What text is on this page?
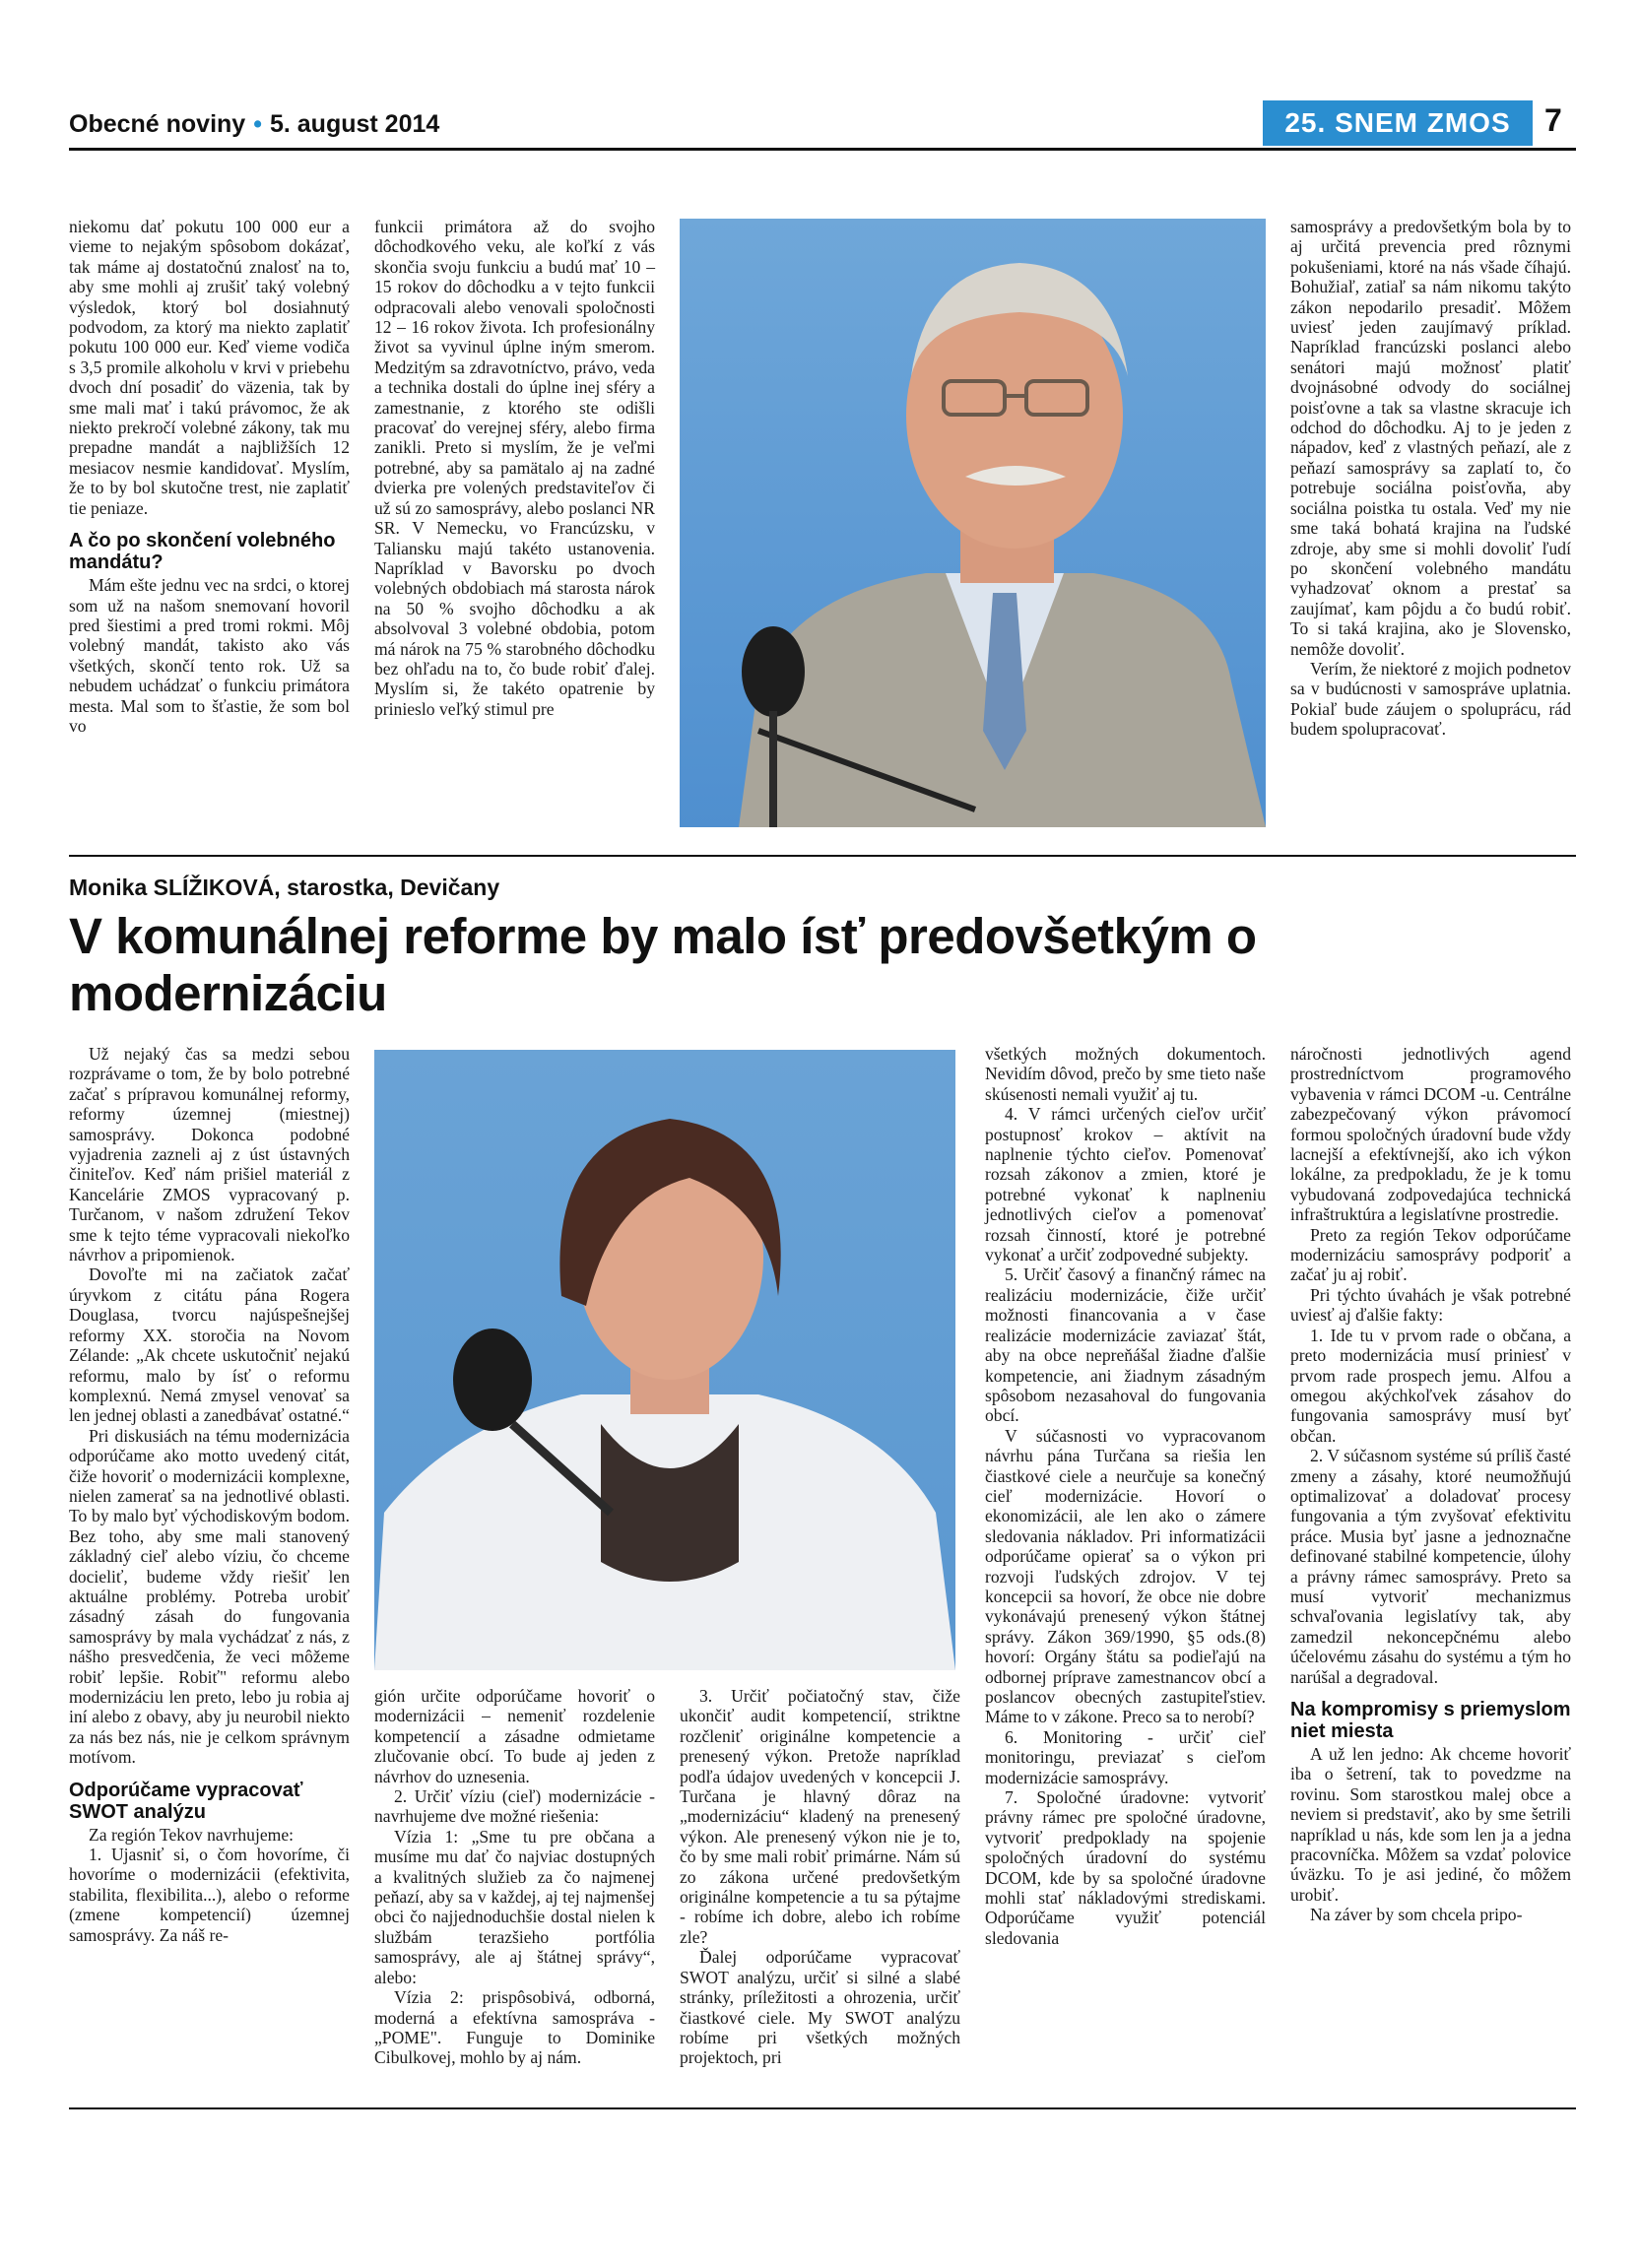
Obecné noviny • 5. august 2014	25. SNEM ZMOS	7

niekomu dať pokutu 100 000 eur a vieme to nejakým spôsobom dokázať, tak máme aj dostatočnú znalosť na to, aby sme mohli aj zrušiť taký volebný výsledok, ktorý bol dosiahnutý podvodom, za ktorý ma niekto zaplatiť pokutu 100 000 eur. Keď vieme vodiča s 3,5 promile alkoholu v krvi v priebehu dvoch dní posadiť do väzenia, tak by sme mali mať i takú právomoc, že ak niekto prekročí volebné zákony, tak mu prepadne mandát a najbližších 12 mesiacov nesmie kandidovať. Myslím, že to by bol skutočne trest, nie zaplatiť tie peniaze.

A čo po skončení volebného mandátu?

Mám ešte jednu vec na srdci, o ktorej som už na našom snemovaní hovoril pred šiestimi a pred tromi rokmi. Môj volebný mandát, takisto ako vás všetkých, skončí tento rok. Už sa nebudem uchádzať o funkciu primátora mesta. Mal som to šťastie, že som bol vo

funkcii primátora až do svojho dôchodkového veku, ale koľkí z vás skončia svoju funkciu a budú mať 10 – 15 rokov do dôchodku a v tejto funkcii odpracovali alebo venovali spoločnosti 12 – 16 rokov života. Ich profesionálny život sa vyvinul úplne iným smerom. Medzitým sa zdravotníctvo, právo, veda a technika dostali do úplne inej sféry a zamestnanie, z ktorého ste odišli pracovať do verejnej sféry, alebo firma zanikli. Preto si myslím, že je veľmi potrebné, aby sa pamätalo aj na zadné dvierka pre volených predstaviteľov či už sú zo samosprávy, alebo poslanci NR SR. V Nemecku, vo Francúzsku, v Taliansku majú takéto ustanovenia. Napríklad v Bavorsku po dvoch volebných obdobiach má starosta nárok na 50 % svojho dôchodku a ak absolvoval 3 volebné obdobia, potom má nárok na 75 % starobného dôchodku bez ohľadu na to, čo bude robiť ďalej. Myslím si, že takéto opatrenie by prinieslo veľký stimul pre

samosprávy a predovšetkým bola by to aj určitá prevencia pred rôznymi pokušeniami, ktoré na nás všade číhajú. Bohužiaľ, zatiaľ sa nám nikomu takýto zákon nepodarilo presadiť. Môžem uviesť jeden zaujímavý príklad. Napríklad francúzski poslanci alebo senátori majú možnosť platiť dvojnásobné odvody do sociálnej poisťovne a tak sa vlastne skracuje ich odchod do dôchodku. Aj to je jeden z nápadov, keď z vlastných peňazí, ale z peňazí samosprávy sa zaplatí to, čo potrebuje sociálna poisťovňa, aby sociálna poistka tu ostala. Veď my nie sme taká bohatá krajina na ľudské zdroje, aby sme si mohli dovoliť ľudí po skončení volebného mandátu vyhadzovať oknom a prestať sa zaujímať, kam pôjdu a čo budú robiť. To si taká krajina, ako je Slovensko, nemôže dovoliť.

Verím, že niektoré z mojich podnetov sa v budúcnosti v samospráve uplatnia. Pokiaľ bude záujem o spoluprácu, rád budem spolupracovať.

Monika SLÍŽIKOVÁ, starostka, Devičany
V komunálnej reforme by malo ísť predovšetkým o modernizáciu

Už nejaký čas sa medzi sebou rozprávame o tom, že by bolo potrebné začať s prípravou komunálnej reformy, reformy územnej (miestnej) samosprávy. Dokonca podobné vyjadrenia zazneli aj z úst ústavných činiteľov. Keď nám prišiel materiál z Kancelárie ZMOS vypracovaný p. Turčanom, v našom združení Tekov sme k tejto téme vypracovali niekoľko návrhov a pripomienok.

Dovoľte mi na začiatok začať úryvkom z citátu pána Rogera Douglasa, tvorcu najúspešnejšej reformy XX. storočia na Novom Zélande: „Ak chcete uskutočniť nejakú reformu, malo by ísť o reformu komplexnú. Nemá zmysel venovať sa len jednej oblasti a zanedbávať ostatné.“

Pri diskusiách na tému modernizácia odporúčame ako motto uvedený citát, čiže hovoriť o modernizácii komplexne, nielen zamerať sa na jednotlivé oblasti. To by malo byť východiskovým bodom. Bez toho, aby sme mali stanovený základný cieľ alebo víziu, čo chceme docieliť, budeme vždy riešiť len aktuálne problémy. Potreba urobiť zásadný zásah do fungovania samosprávy by mala vychádzať z nás, z nášho presvedčenia, že veci môžeme robiť lepšie. Robiť" reformu alebo modernizáciu len preto, lebo ju robia aj iní alebo z obavy, aby ju neurobil niekto za nás bez nás, nie je celkom správnym motívom.

Odporúčame vypracovať SWOT analýzu

Za región Tekov navrhujeme:

1. Ujasniť si, o čom hovoríme, či hovoríme o modernizácii (efektivita, stabilita, flexibilita...), alebo o reforme (zmene kompetencií) územnej samosprávy. Za náš re-

gión určite odporúčame hovoriť o modernizácii – nemeniť rozdelenie kompetencií a zásadne odmietame zlučovanie obcí. To bude aj jeden z návrhov do uznesenia.

2. Určiť víziu (cieľ) modernizácie - navrhujeme dve možné riešenia:

Vízia 1: „Sme tu pre občana a musíme mu dať čo najviac dostupných a kvalitných služieb za čo najmenej peňazí, aby sa v každej, aj tej najmenšej obci čo najjednoduchšie dostal nielen k službám terazšieho portfólia samosprávy, ale aj štátnej správy“, alebo:

Vízia 2: prispôsobivá, odborná, moderná a efektívna samospráva - „POME". Funguje to Dominike Cibulkovej, mohlo by aj nám.

3. Určiť počiatočný stav, čiže ukončiť audit kompetencií, striktne rozčleniť originálne kompetencie a prenesený výkon. Pretože napríklad podľa údajov uvedených v koncepcii J. Turčana je hlavný dôraz na „modernizáciu“ kladený na prenesený výkon. Ale prenesený výkon nie je to, čo by sme mali robiť primárne. Nám sú zo zákona určené predovšetkým originálne kompetencie a tu sa pýtajme - robíme ich dobre, alebo ich robíme zle?

Ďalej odporúčame vypracovať SWOT analýzu, určiť si silné a slabé stránky, príležitosti a ohrozenia, určiť čiastkové ciele. My SWOT analýzu robíme pri všetkých možných projektoch, pri

všetkých možných dokumentoch. Nevidím dôvod, prečo by sme tieto naše skúsenosti nemali využiť aj tu.

4. V rámci určených cieľov určiť postupnosť krokov – aktívit na naplnenie týchto cieľov. Pomenovať rozsah zákonov a zmien, ktoré je potrebné vykonať k naplneniu jednotlivých cieľov a pomenovať rozsah činností, ktoré je potrebné vykonať a určiť zodpovedné subjekty.

5. Určiť časový a finančný rámec na realizáciu modernizácie, čiže určiť možnosti financovania a v čase realizácie modernizácie zaviazať štát, aby na obce nepreňášal žiadne ďalšie kompetencie, ani žiadnym zásadným spôsobom nezasahoval do fungovania obcí.

V súčasnosti vo vypracovanom návrhu pána Turčana sa riešia len čiastkové ciele a neurčuje sa konečný cieľ modernizácie. Hovorí o ekonomizácii, ale len ako o zámere sledovania nákladov. Pri informatizácii odporúčame opierať sa o výkon pri rozvoji ľudských zdrojov. V tej koncepcii sa hovorí, že obce nie dobre vykonávajú prenesený výkon štátnej správy. Zákon 369/1990, §5 ods.(8) hovorí: Orgány štátu sa podieľajú na odbornej príprave zamestnancov obcí a poslancov obecných zastupiteľstiev. Máme to v zákone. Preco sa to nerobí?

6. Monitoring - určiť cieľ monitoringu, previazať s cieľom modernizácie samosprávy.

7. Spoločné úradovne: vytvoriť právny rámec pre spoločné úradovne, vytvoriť predpoklady na spojenie spoločných úradovní do systému DCOM, kde by sa spoločné úradovne mohli stať nákladovými strediskami. Odporúčame využiť potenciál sledovania

náročnosti jednotlivých agend prostredníctvom programového vybavenia v rámci DCOM -u. Centrálne zabezpečovaný výkon právomocí formou spoločných úradovní bude vždy lacnejší a efektívnejší, ako ich výkon lokálne, za predpokladu, že je k tomu vybudovaná zodpovedajúca technická infraštruktúra a legislatívne prostredie.

Preto za región Tekov odporúčame modernizáciu samosprávy podporiť a začať ju aj robiť.

Pri týchto úvahách je však potrebné uviesť aj ďalšie fakty:

1. Ide tu v prvom rade o občana, a preto modernizácia musí priniesť v prvom rade prospech jemu. Alfou a omegou akýchkoľvek zásahov do fungovania samosprávy musí byť občan.

2. V súčasnom systéme sú príliš časté zmeny a zásahy, ktoré neumožňujú optimalizovať a doladovať procesy fungovania a tým zvyšovať efektivitu práce. Musia byť jasne a jednoznačne definované stabilné kompetencie, úlohy a právny rámec samosprávy. Preto sa musí vytvoriť mechanizmus schvaľovania legislatívy tak, aby zamedzil nekoncepčnému alebo účelovému zásahu do systému a tým ho narúšal a degradoval.

Na kompromisy s priemyslom niet miesta

A už len jedno: Ak chceme hovoriť iba o šetrení, tak to povedzme na rovinu. Som starostkou malej obce a neviem si predstaviť, ako by sme šetrili napríklad u nás, kde som len ja a jedna pracovníčka. Môžem sa vzdať polovice úväzku. To je asi jediné, čo môžem urobiť.

Na záver by som chcela pripo-
